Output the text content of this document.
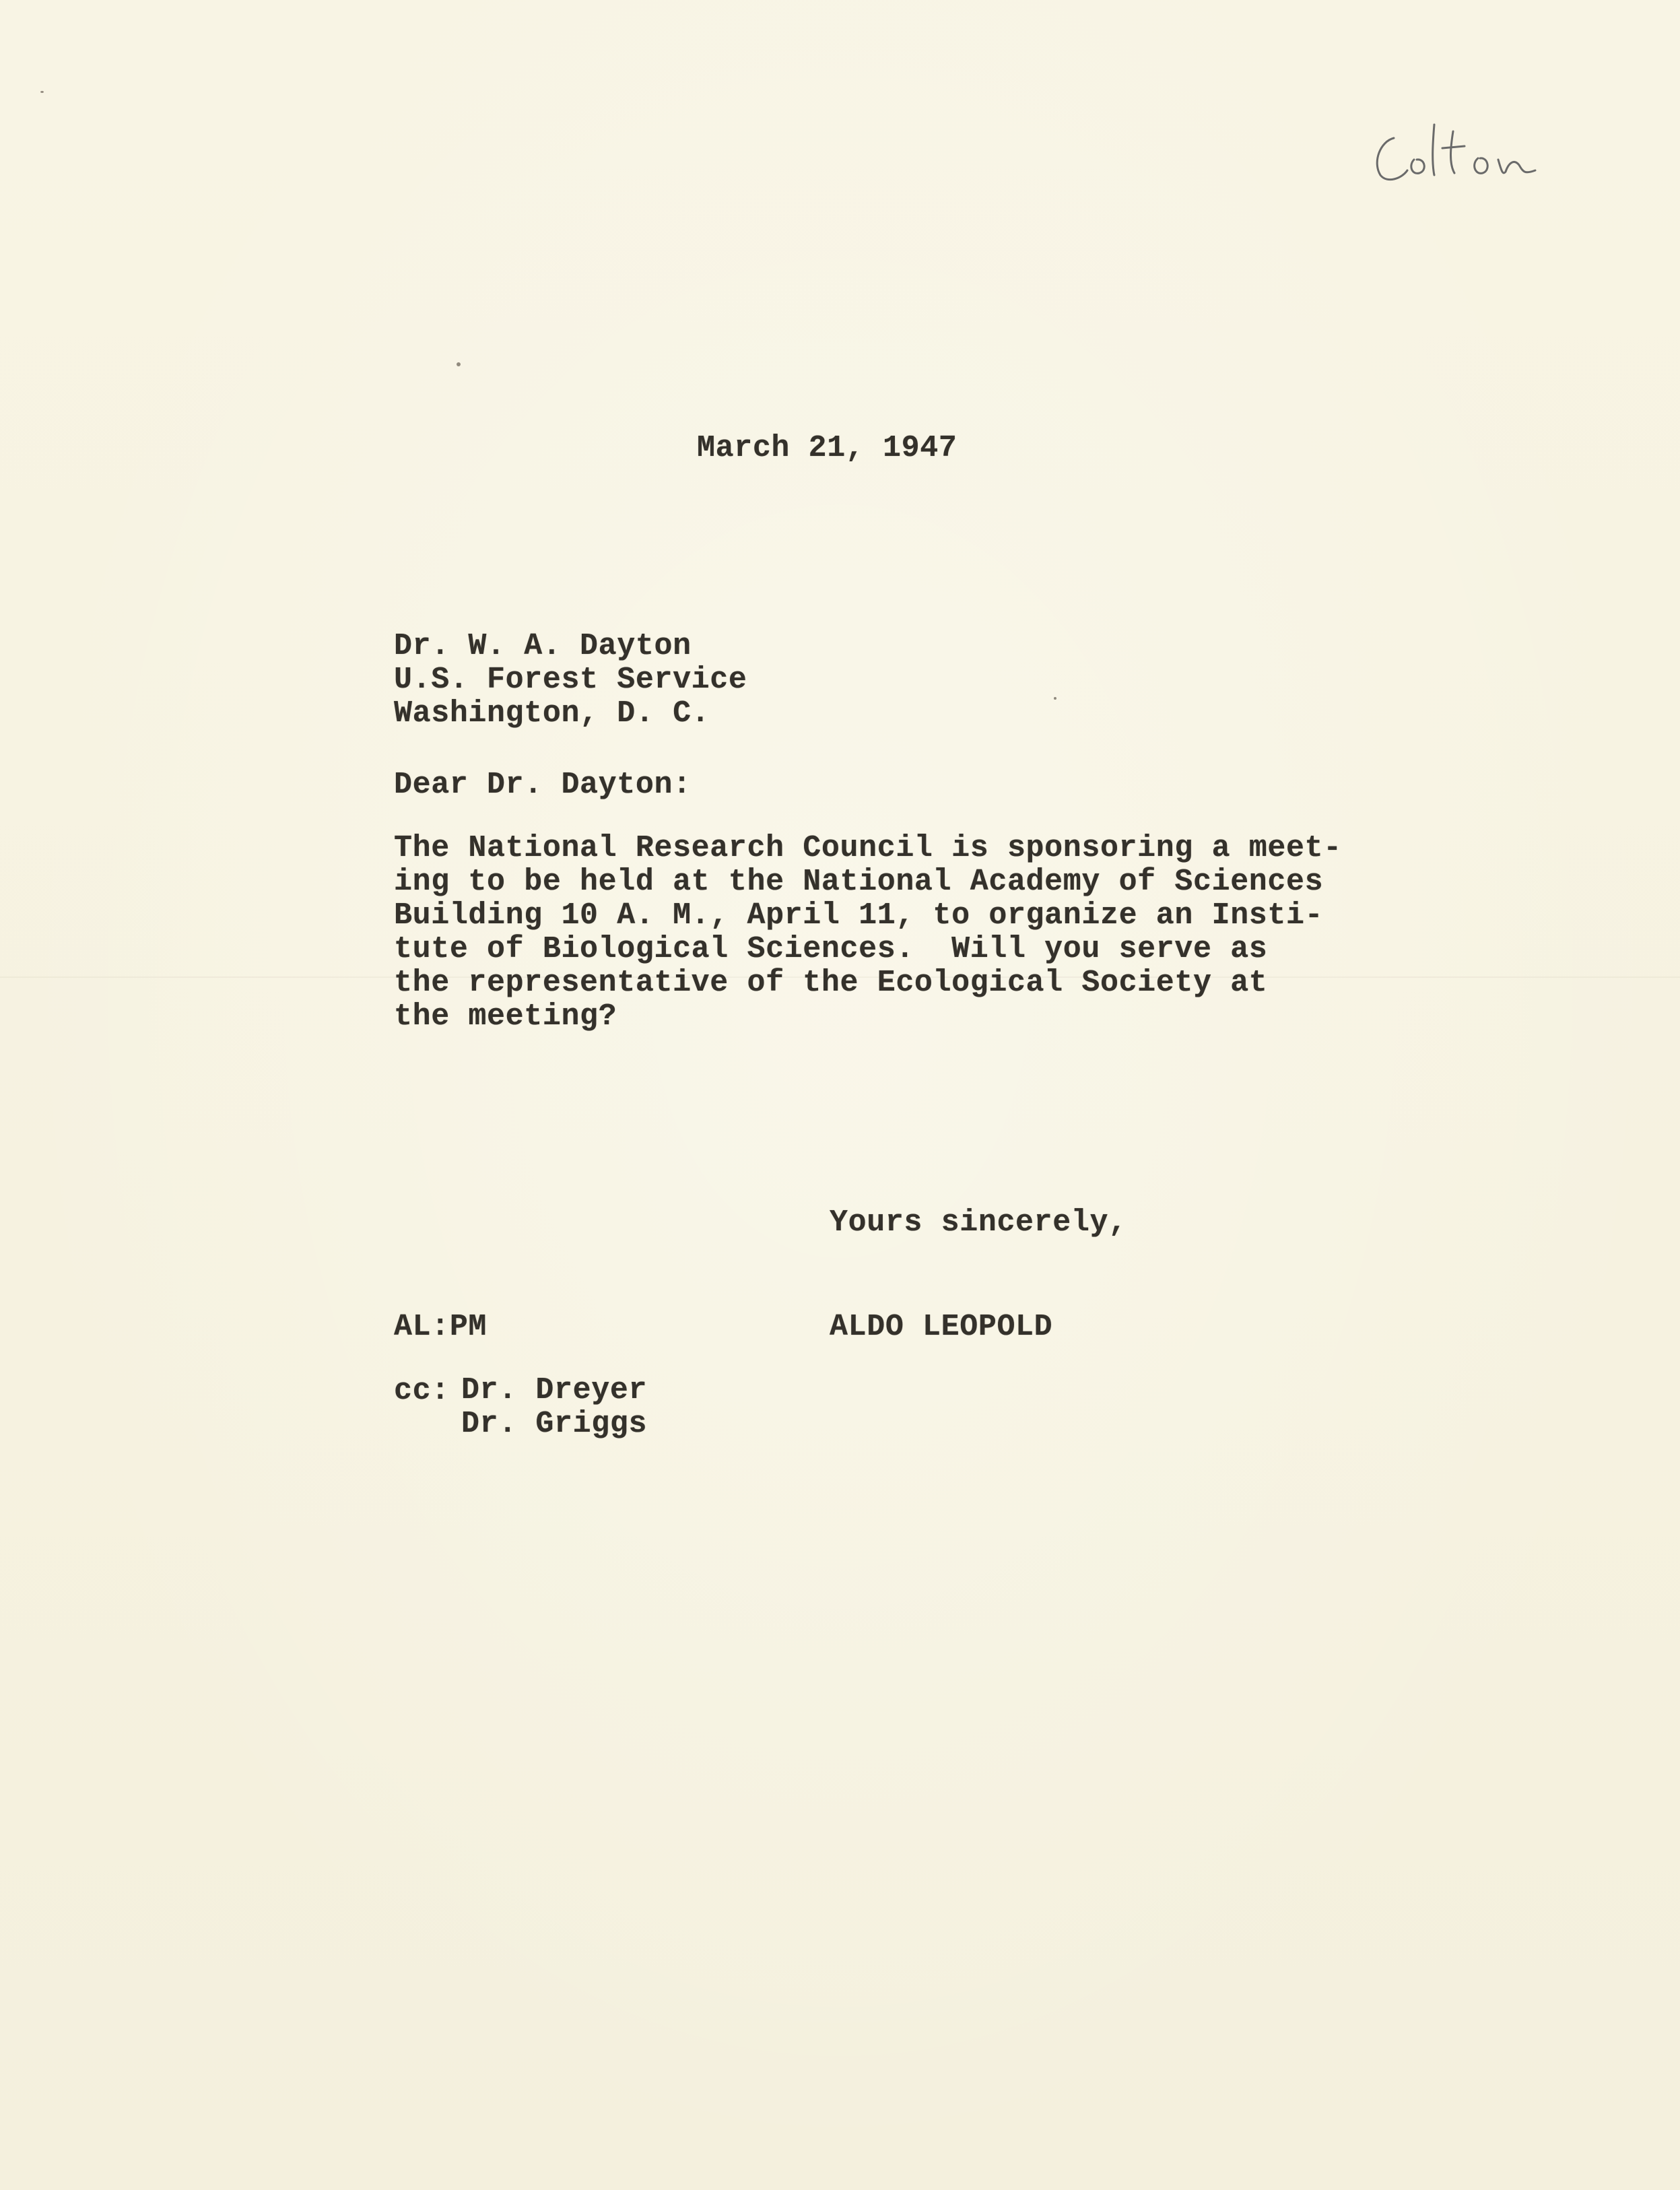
March 21, 1947
Dr. W. A. Dayton
U.S. Forest Service
Washington, D. C.
Dear Dr. Dayton:
The National Research Council is sponsoring a meet-
ing to be held at the National Academy of Sciences
Building 10 A. M., April 11, to organize an Insti-
tute of Biological Sciences.  Will you serve as
the representative of the Ecological Society at
the meeting?
Yours sincerely,
AL:PM	ALDO LEOPOLD
cc: Dr. Dreyer
Dr. Griggs
